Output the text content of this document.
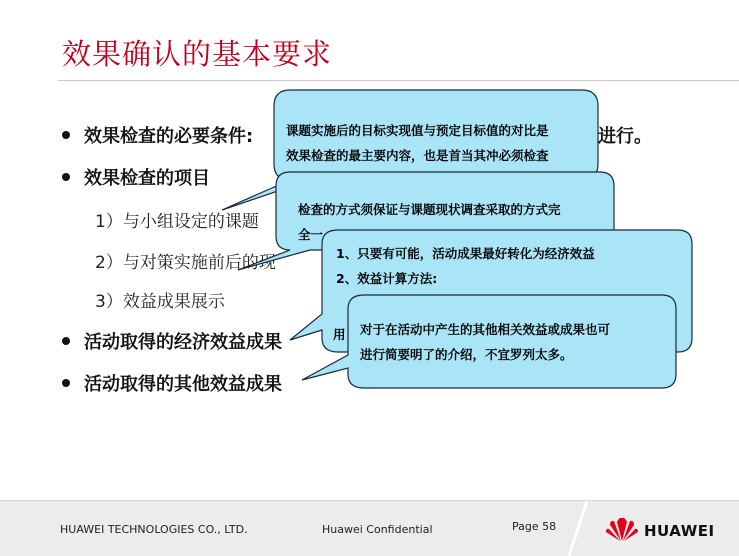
效果确认的基本要求
效果检查的必要条件:	进行。
效果检查的项目
1）与小组设定的课题
2）与对策实施前后的现
3）效益成果展示
活动取得的经济效益成果
活动取得的其他效益成果
课题实施后的目标实现值与预定目标值的对比是
效果检查的最主要内容，也是首当其冲必须检查
检查的方式须保证与课题现状调查采取的方式完
全一
1、只要有可能，活动成果最好转化为经济效益
2、效益计算方法:
用 对于在活动中产生的其他相关效益或成果也可
进行简要明了的介绍，不宜罗列太多。
HUAWEI TECHNOLOGIES CO., LTD.	Huawei Confidential	Page 58	HUAWEI
